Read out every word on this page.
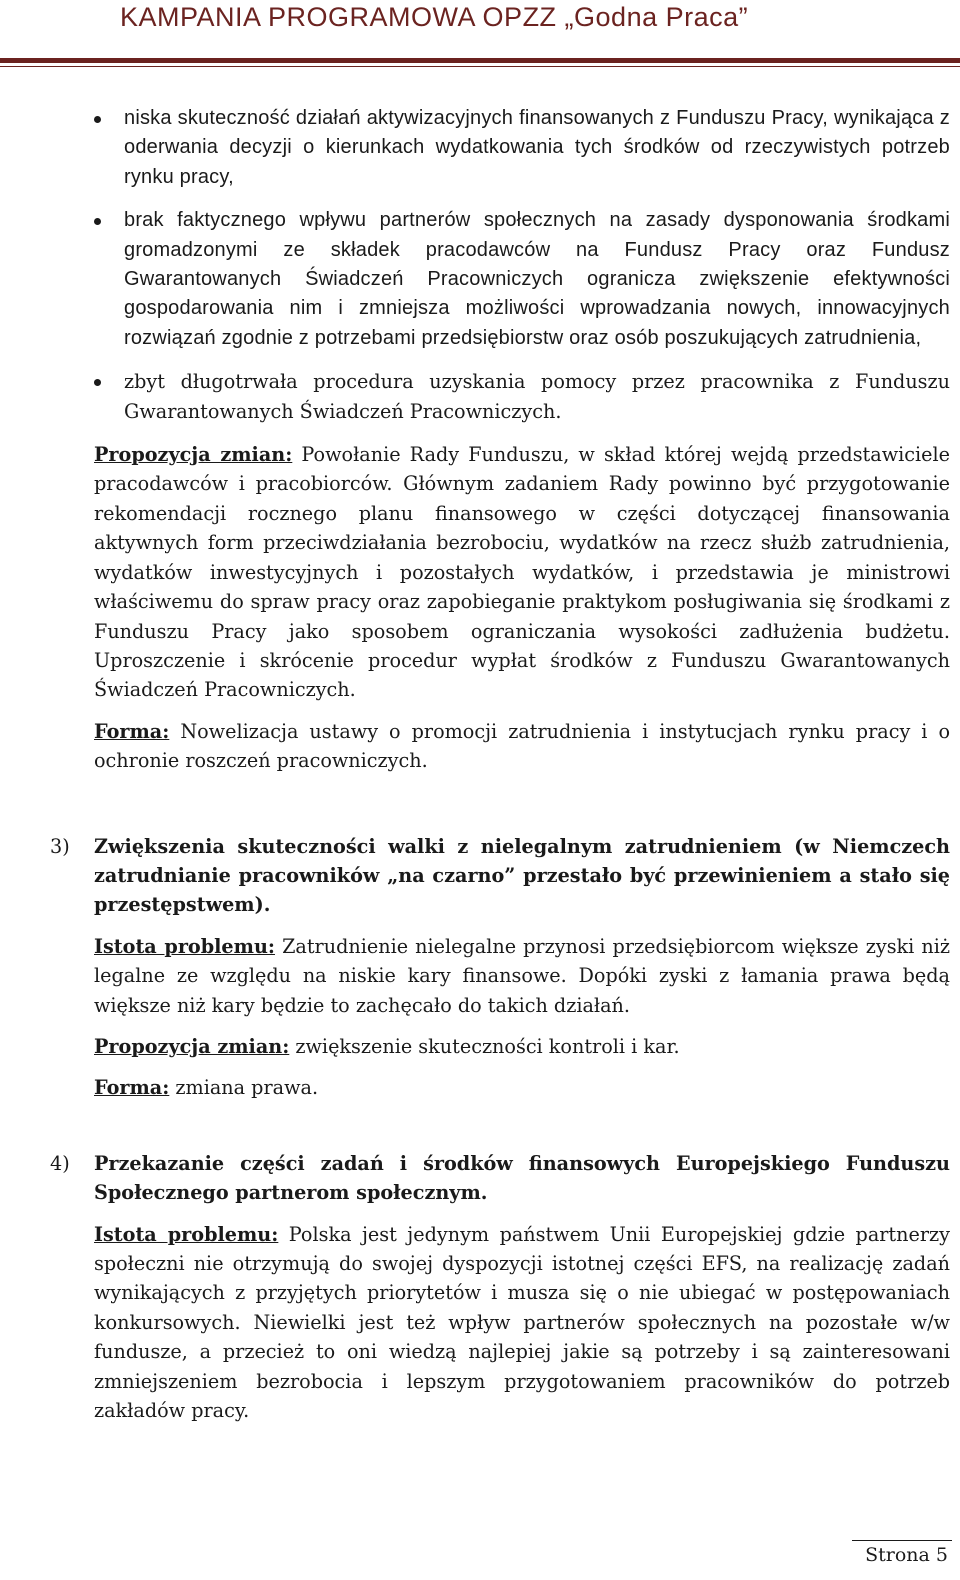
KAMPANIA PROGRAMOWA OPZZ „Godna Praca”
niska skuteczność działań aktywizacyjnych finansowanych z Funduszu Pracy, wynikająca z oderwania decyzji o kierunkach wydatkowania tych środków od rzeczywistych potrzeb rynku pracy,
brak faktycznego wpływu partnerów społecznych na zasady dysponowania środkami gromadzonymi ze składek pracodawców na Fundusz Pracy oraz Fundusz Gwarantowanych Świadczeń Pracowniczych ogranicza zwiększenie efektywności gospodarowania nim i zmniejsza możliwości wprowadzania nowych, innowacyjnych rozwiązań zgodnie z potrzebami przedsiębiorstw oraz osób poszukujących zatrudnienia,
zbyt długotrwała procedura uzyskania pomocy przez pracownika z Funduszu Gwarantowanych Świadczeń Pracowniczych.

Propozycja zmian: Powołanie Rady Funduszu, w skład której wejdą przedstawiciele pracodawców i pracobiorców. Głównym zadaniem Rady powinno być przygotowanie rekomendacji rocznego planu finansowego w części dotyczącej finansowania aktywnych form przeciwdziałania bezrobociu, wydatków na rzecz służb zatrudnienia, wydatków inwestycyjnych i pozostałych wydatków, i przedstawia je ministrowi właściwemu do spraw pracy oraz zapobieganie praktykom posługiwania się środkami z Funduszu Pracy jako sposobem ograniczania wysokości zadłużenia budżetu. Uproszczenie i skrócenie procedur wypłat środków z Funduszu Gwarantowanych Świadczeń Pracowniczych.

Forma: Nowelizacja ustawy o promocji zatrudnienia i instytucjach rynku pracy i o ochronie roszczeń pracowniczych.

3) Zwiększenia skuteczności walki z nielegalnym zatrudnieniem (w Niemczech zatrudnianie pracowników „na czarno” przestało być przewinieniem a stało się przestępstwem).

Istota problemu: Zatrudnienie nielegalne przynosi przedsiębiorcom większe zyski niż legalne ze względu na niskie kary finansowe. Dopóki zyski z łamania prawa będą większe niż kary będzie to zachęcało do takich działań.

Propozycja zmian: zwiększenie skuteczności kontroli i kar.

Forma: zmiana prawa.

4) Przekazanie części zadań i środków finansowych Europejskiego Funduszu Społecznego partnerom społecznym.

Istota problemu: Polska jest jedynym państwem Unii Europejskiej gdzie partnerzy społeczni nie otrzymują do swojej dyspozycji istotnej części EFS, na realizację zadań wynikających z przyjętych priorytetów i musza się o nie ubiegać w postępowaniach konkursowych. Niewielki jest też wpływ partnerów społecznych na pozostałe w/w fundusze, a przecież to oni wiedzą najlepiej jakie są potrzeby i są zainteresowani zmniejszeniem bezrobocia i lepszym przygotowaniem pracowników do potrzeb zakładów pracy.

Strona 5
